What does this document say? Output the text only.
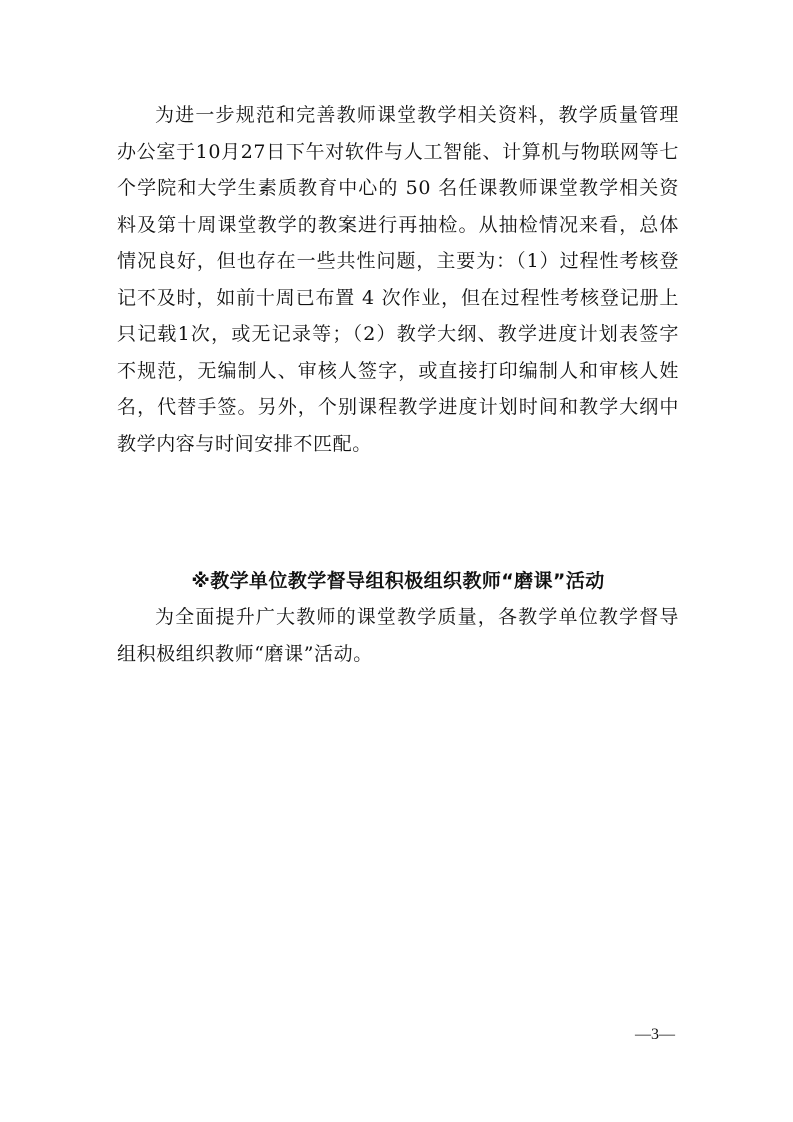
为进一步规范和完善教师课堂教学相关资料，教学质量管理办公室于10月27日下午对软件与人工智能、计算机与物联网等七个学院和大学生素质教育中心的 50 名任课教师课堂教学相关资料及第十周课堂教学的教案进行再抽检。从抽检情况来看，总体情况良好，但也存在一些共性问题，主要为：（1）过程性考核登记不及时，如前十周已布置 4 次作业，但在过程性考核登记册上只记载1次，或无记录等；（2）教学大纲、教学进度计划表签字不规范，无编制人、审核人签字，或直接打印编制人和审核人姓名，代替手签。另外，个别课程教学进度计划时间和教学大纲中教学内容与时间安排不匹配。

※教学单位教学督导组积极组织教师“磨课”活动

为全面提升广大教师的课堂教学质量，各教学单位教学督导组积极组织教师“磨课”活动。

—3—
